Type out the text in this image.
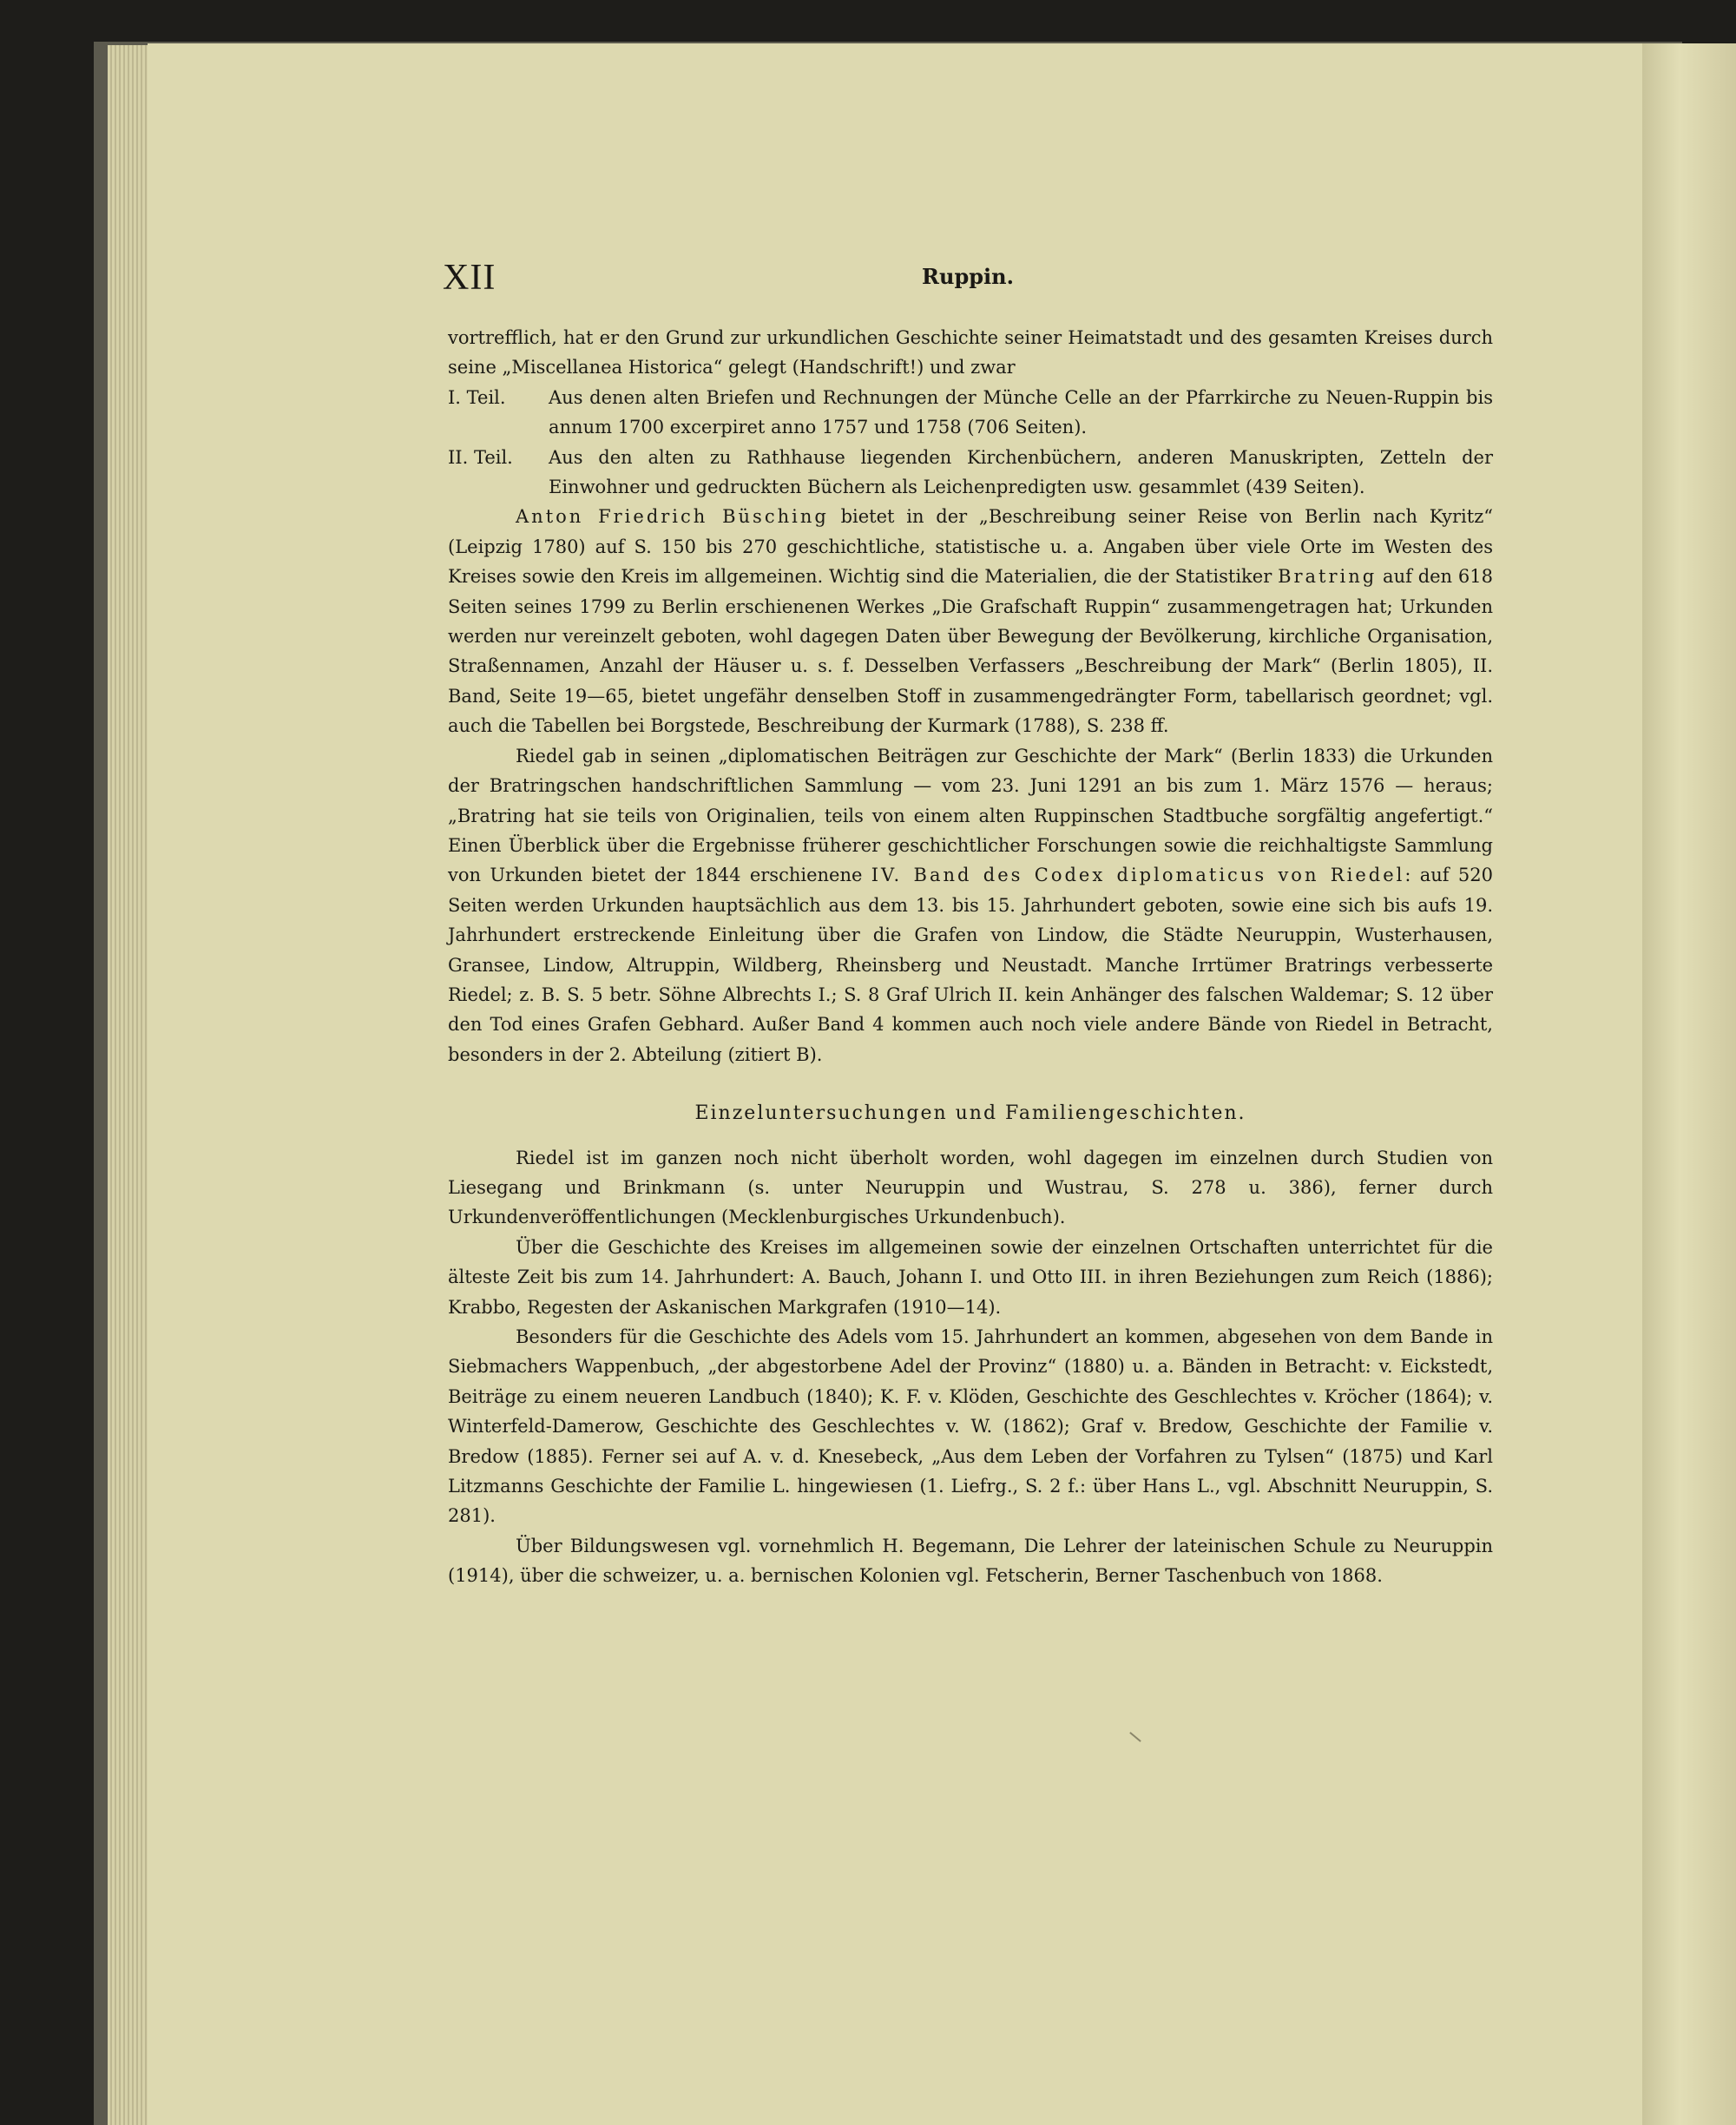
XII	Ruppin.

vortrefflich, hat er den Grund zur urkundlichen Geschichte seiner Heimatstadt und des gesamten Kreises durch seine „Miscellanea Historica“ gelegt (Handschrift!) und zwar

I. Teil.	Aus denen alten Briefen und Rechnungen der Münche Celle an der Pfarrkirche zu Neuen-Ruppin bis annum 1700 excerpiret anno 1757 und 1758 (706 Seiten).
II. Teil.	Aus den alten zu Rathhause liegenden Kirchenbüchern, anderen Manuskripten, Zetteln der Einwohner und gedruckten Büchern als Leichenpredigten usw. gesammlet (439 Seiten).

Anton Friedrich Büsching bietet in der „Beschreibung seiner Reise von Berlin nach Kyritz“ (Leipzig 1780) auf S. 150 bis 270 geschichtliche, statistische u. a. Angaben über viele Orte im Westen des Kreises sowie den Kreis im allgemeinen. Wichtig sind die Materialien, die der Statistiker Bratring auf den 618 Seiten seines 1799 zu Berlin erschienenen Werkes „Die Grafschaft Ruppin“ zusammengetragen hat; Urkunden werden nur vereinzelt geboten, wohl dagegen Daten über Bewegung der Bevölkerung, kirchliche Organisation, Straßennamen, Anzahl der Häuser u. s. f. Desselben Verfassers „Beschreibung der Mark“ (Berlin 1805), II. Band, Seite 19—65, bietet ungefähr denselben Stoff in zusammengedrängter Form, tabellarisch geordnet; vgl. auch die Tabellen bei Borgstede, Beschreibung der Kurmark (1788), S. 238 ff.

Riedel gab in seinen „diplomatischen Beiträgen zur Geschichte der Mark“ (Berlin 1833) die Urkunden der Bratringschen handschriftlichen Sammlung — vom 23. Juni 1291 an bis zum 1. März 1576 — heraus; „Bratring hat sie teils von Originalien, teils von einem alten Ruppinschen Stadtbuche sorgfältig angefertigt.“ Einen Überblick über die Ergebnisse früherer geschichtlicher Forschungen sowie die reichhaltigste Sammlung von Urkunden bietet der 1844 erschienene IV. Band des Codex diplomaticus von Riedel: auf 520 Seiten werden Urkunden hauptsächlich aus dem 13. bis 15. Jahrhundert geboten, sowie eine sich bis aufs 19. Jahrhundert erstreckende Einleitung über die Grafen von Lindow, die Städte Neuruppin, Wusterhausen, Gransee, Lindow, Altruppin, Wildberg, Rheinsberg und Neustadt. Manche Irrtümer Bratrings verbesserte Riedel; z. B. S. 5 betr. Söhne Albrechts I.; S. 8 Graf Ulrich II. kein Anhänger des falschen Waldemar; S. 12 über den Tod eines Grafen Gebhard. Außer Band 4 kommen auch noch viele andere Bände von Riedel in Betracht, besonders in der 2. Abteilung (zitiert B).

Einzeluntersuchungen und Familiengeschichten.

Riedel ist im ganzen noch nicht überholt worden, wohl dagegen im einzelnen durch Studien von Liesegang und Brinkmann (s. unter Neuruppin und Wustrau, S. 278 u. 386), ferner durch Urkundenveröffentlichungen (Mecklenburgisches Urkundenbuch).

Über die Geschichte des Kreises im allgemeinen sowie der einzelnen Ortschaften unterrichtet für die älteste Zeit bis zum 14. Jahrhundert: A. Bauch, Johann I. und Otto III. in ihren Beziehungen zum Reich (1886); Krabbo, Regesten der Askanischen Markgrafen (1910—14).

Besonders für die Geschichte des Adels vom 15. Jahrhundert an kommen, abgesehen von dem Bande in Siebmachers Wappenbuch, „der abgestorbene Adel der Provinz“ (1880) u. a. Bänden in Betracht: v. Eickstedt, Beiträge zu einem neueren Landbuch (1840); K. F. v. Klöden, Geschichte des Geschlechtes v. Kröcher (1864); v. Winterfeld-Damerow, Geschichte des Geschlechtes v. W. (1862); Graf v. Bredow, Geschichte der Familie v. Bredow (1885). Ferner sei auf A. v. d. Knesebeck, „Aus dem Leben der Vorfahren zu Tylsen“ (1875) und Karl Litzmanns Geschichte der Familie L. hingewiesen (1. Liefrg., S. 2 f.: über Hans L., vgl. Abschnitt Neuruppin, S. 281).

Über Bildungswesen vgl. vornehmlich H. Begemann, Die Lehrer der lateinischen Schule zu Neuruppin (1914), über die schweizer, u. a. bernischen Kolonien vgl. Fetscherin, Berner Taschenbuch von 1868.
